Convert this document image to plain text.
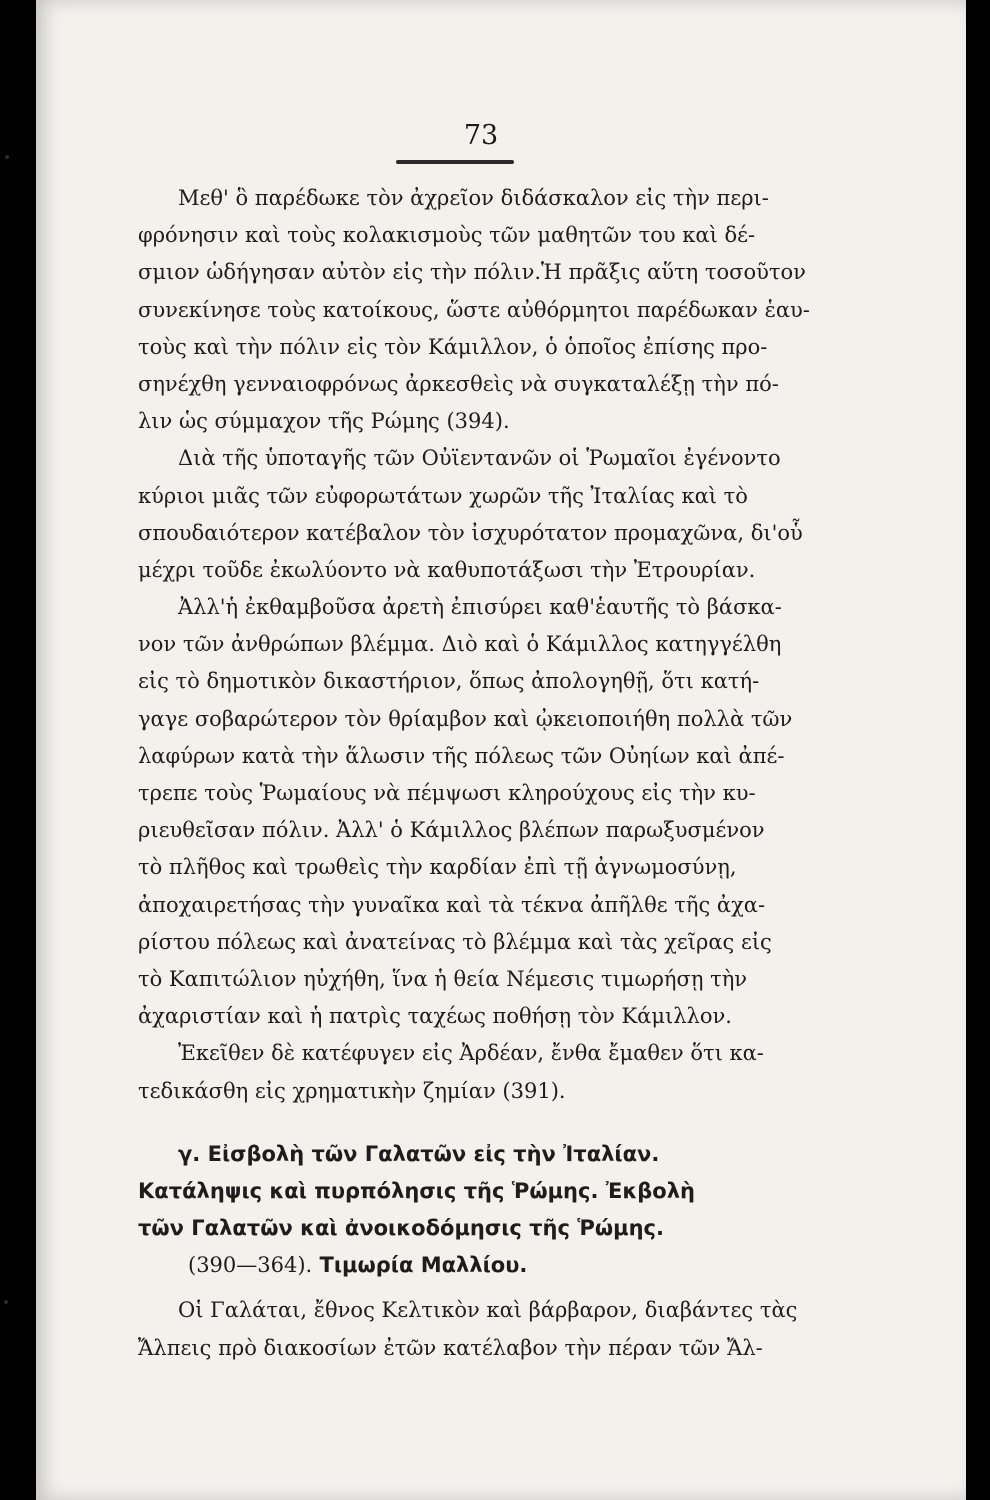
73
Μεθ' ὃ παρέδωκε τὸν ἀχρεῖον διδάσκαλον εἰς τὴν περι-
φρόνησιν καὶ τοὺς κολακισμοὺς τῶν μαθητῶν του καὶ δέ-
σμιον ὡδήγησαν αὐτὸν εἰς τὴν πόλιν.Ἡ πρᾶξις αὕτη τοσοῦτον
συνεκίνησε τοὺς κατοίκους, ὥστε αὐθόρμητοι παρέδωκαν ἑαυ-
τοὺς καὶ τὴν πόλιν εἰς τὸν Κάμιλλον, ὁ ὁποῖος ἐπίσης προ-
σηνέχθη γενναιοφρόνως ἀρκεσθεὶς νὰ συγκαταλέξῃ τὴν πό-
λιν ὡς σύμμαχον τῆς Ρώμης (394).
Διὰ τῆς ὑποταγῆς τῶν Οὐϊεντανῶν οἱ Ῥωμαῖοι ἐγένοντο
κύριοι μιᾶς τῶν εὐφορωτάτων χωρῶν τῆς Ἰταλίας καὶ τὸ
σπουδαιότερον κατέβαλον τὸν ἰσχυρότατον προμαχῶνα, δι'οὗ
μέχρι τοῦδε ἐκωλύοντο νὰ καθυποτάξωσι τὴν Ἐτρουρίαν.
Ἀλλ'ἡ ἐκθαμβοῦσα ἀρετὴ ἐπισύρει καθ'ἑαυτῆς τὸ βάσκα-
νον τῶν ἀνθρώπων βλέμμα. Διὸ καὶ ὁ Κάμιλλος κατηγγέλθη
εἰς τὸ δημοτικὸν δικαστήριον, ὅπως ἀπολογηθῇ, ὅτι κατή-
γαγε σοβαρώτερον τὸν θρίαμβον καὶ ᾠκειοποιήθη πολλὰ τῶν
λαφύρων κατὰ τὴν ἅλωσιν τῆς πόλεως τῶν Οὐηίων καὶ ἀπέ-
τρεπε τοὺς Ῥωμαίους νὰ πέμψωσι κληρούχους εἰς τὴν κυ-
ριευθεῖσαν πόλιν. Ἀλλ' ὁ Κάμιλλος βλέπων παρωξυσμένον
τὸ πλῆθος καὶ τρωθεὶς τὴν καρδίαν ἐπὶ τῇ ἀγνωμοσύνῃ,
ἀποχαιρετήσας τὴν γυναῖκα καὶ τὰ τέκνα ἀπῆλθε τῆς ἀχα-
ρίστου πόλεως καὶ ἀνατείνας τὸ βλέμμα καὶ τὰς χεῖρας εἰς
τὸ Καπιτώλιον ηὐχήθη, ἵνα ἡ θεία Νέμεσις τιμωρήσῃ τὴν
ἀχαριστίαν καὶ ἡ πατρὶς ταχέως ποθήσῃ τὸν Κάμιλλον.
Ἐκεῖθεν δὲ κατέφυγεν εἰς Ἀρδέαν, ἔνθα ἔμαθεν ὅτι κα-
τεδικάσθη εἰς χρηματικὴν ζημίαν (391).
γ. Εἰσβολὴ τῶν Γαλατῶν εἰς τὴν Ἰταλίαν.
Κατάληψις καὶ πυρπόλησις τῆς Ῥώμης. Ἐκβολὴ
τῶν Γαλατῶν καὶ ἀνοικοδόμησις τῆς Ῥώμης.
(390—364). Τιμωρία Μαλλίου.
Οἱ Γαλάται, ἔθνος Κελτικὸν καὶ βάρβαρον, διαβάντες τὰς
Ἄλπεις πρὸ διακοσίων ἐτῶν κατέλαβον τὴν πέραν τῶν Ἄλ-
